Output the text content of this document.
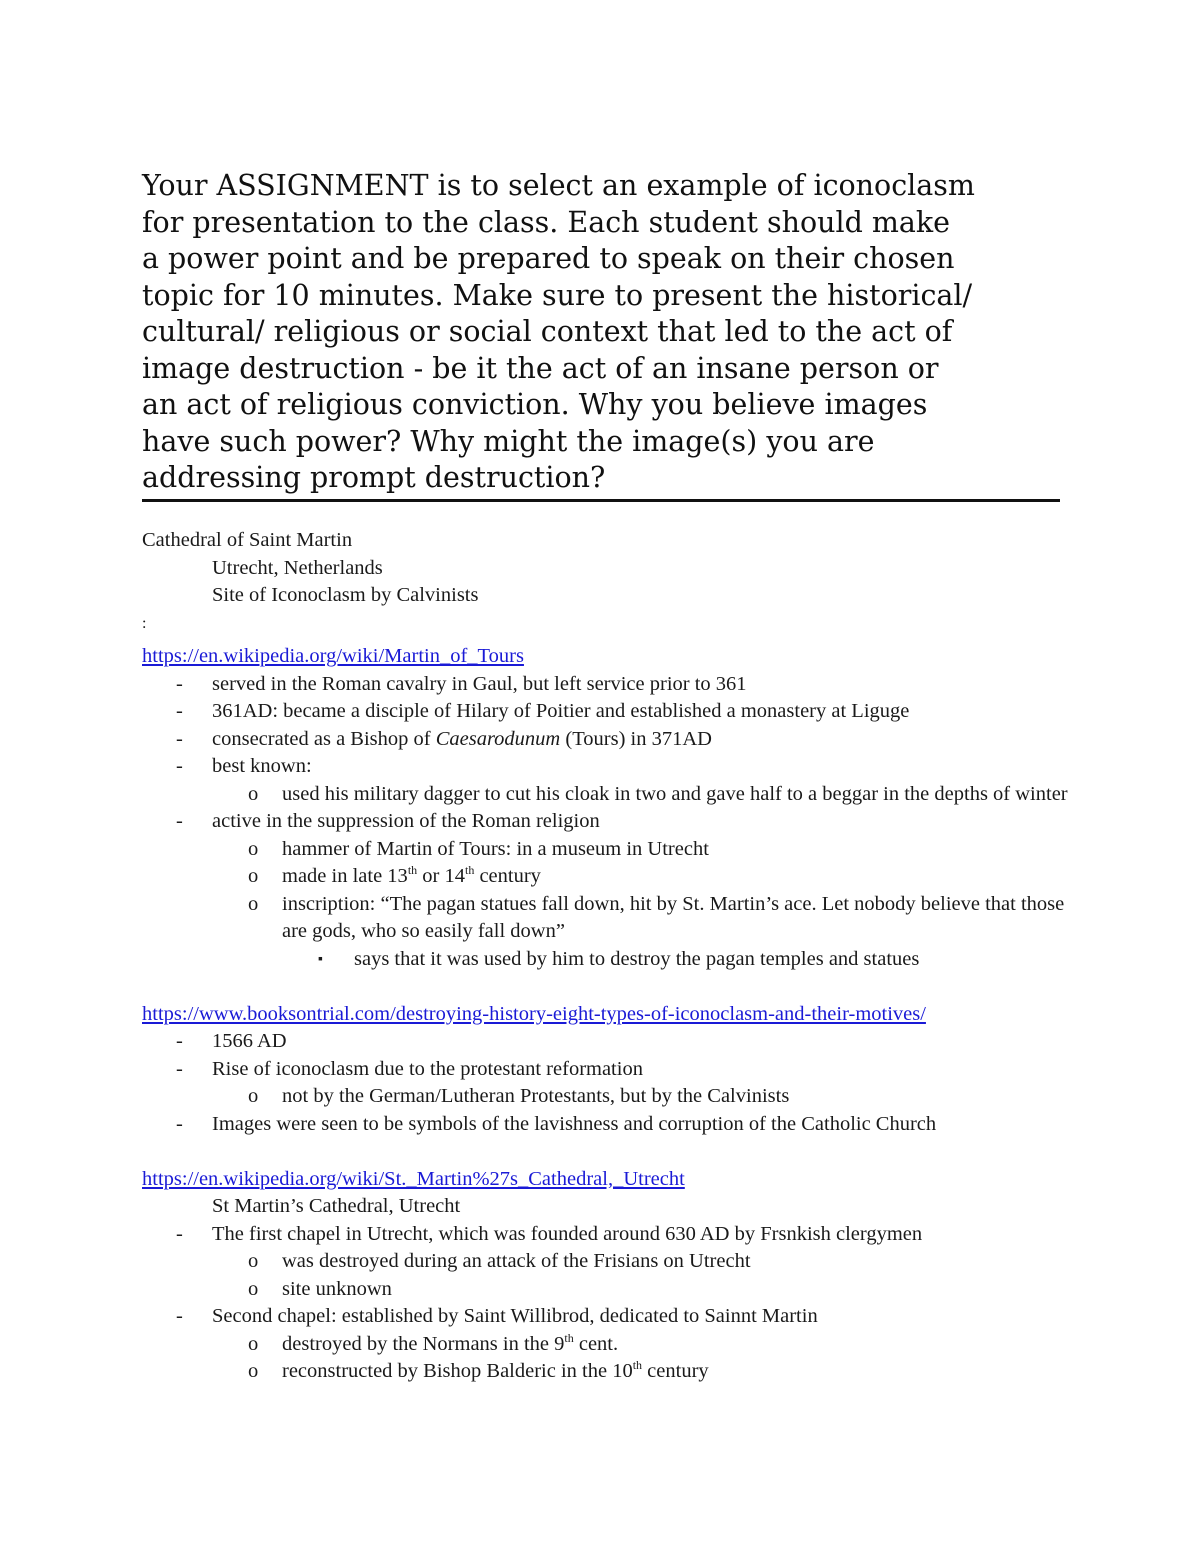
Your ASSIGNMENT is to select an example of iconoclasm
for presentation to the class. Each student should make
a power point and be prepared to speak on their chosen
topic for 10 minutes. Make sure to present the historical/
cultural/ religious or social context that led to the act of
image destruction - be it the act of an insane person or
an act of religious conviction. Why you believe images
have such power? Why might the image(s) you are
addressing prompt destruction?
Cathedral of Saint Martin
Utrecht, Netherlands
Site of Iconoclasm by Calvinists
:
https://en.wikipedia.org/wiki/Martin_of_Tours
- served in the Roman cavalry in Gaul, but left service prior to 361
- 361AD: became a disciple of Hilary of Poitier and established a monastery at Liguge
- consecrated as a Bishop of Caesarodunum (Tours) in 371AD
- best known:
o used his military dagger to cut his cloak in two and gave half to a beggar in the depths of winter
- active in the suppression of the Roman religion
o hammer of Martin of Tours: in a museum in Utrecht
o made in late 13th or 14th century
o inscription: “The pagan statues fall down, hit by St. Martin’s ace. Let nobody believe that those are gods, who so easily fall down”
▪ says that it was used by him to destroy the pagan temples and statues
https://www.booksontrial.com/destroying-history-eight-types-of-iconoclasm-and-their-motives/
- 1566 AD
- Rise of iconoclasm due to the protestant reformation
o not by the German/Lutheran Protestants, but by the Calvinists
- Images were seen to be symbols of the lavishness and corruption of the Catholic Church
https://en.wikipedia.org/wiki/St._Martin%27s_Cathedral,_Utrecht
St Martin’s Cathedral, Utrecht
- The first chapel in Utrecht, which was founded around 630 AD by Frsnkish clergymen
o was destroyed during an attack of the Frisians on Utrecht
o site unknown
- Second chapel: established by Saint Willibrod, dedicated to Sainnt Martin
o destroyed by the Normans in the 9th cent.
o reconstructed by Bishop Balderic in the 10th century
